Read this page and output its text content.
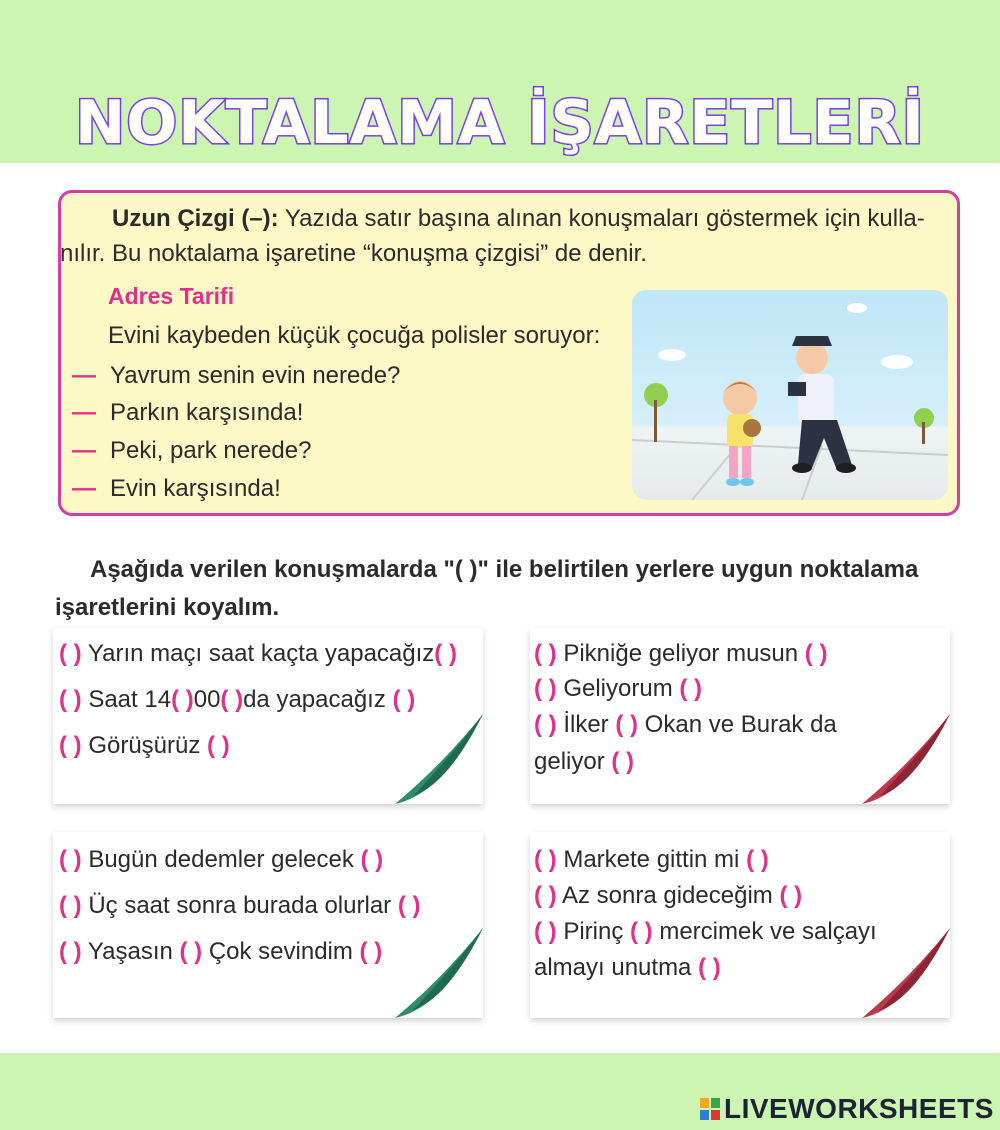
NOKTALAMA İŞARETLERİ
Uzun Çizgi (–): Yazıda satır başına alınan konuşmaları göstermek için kulla-
nılır. Bu noktalama işaretine “konuşma çizgisi” de denir.
Adres Tarifi
Evini kaybeden küçük çocuğa polisler soruyor:
— Yavrum senin evin nerede?
— Parkın karşısında!
— Peki, park nerede?
— Evin karşısında!
Aşağıda verilen konuşmalarda "( )" ile belirtilen yerlere uygun noktalama
işaretlerini koyalım.
( ) Yarın maçı saat kaçta yapacağız( )
( ) Saat 14( )00( )da yapacağız ( )
( ) Görüşürüz ( )
( ) Pikniğe geliyor musun ( )
( ) Geliyorum ( )
( ) İlker ( ) Okan ve Burak da
geliyor ( )
( ) Bugün dedemler gelecek ( )
( ) Üç saat sonra burada olurlar ( )
( ) Yaşasın ( ) Çok sevindim ( )
( ) Markete gittin mi ( )
( ) Az sonra gideceğim ( )
( ) Pirinç ( ) mercimek ve salçayı
almayı unutma ( )
LIVEWORKSHEETS
